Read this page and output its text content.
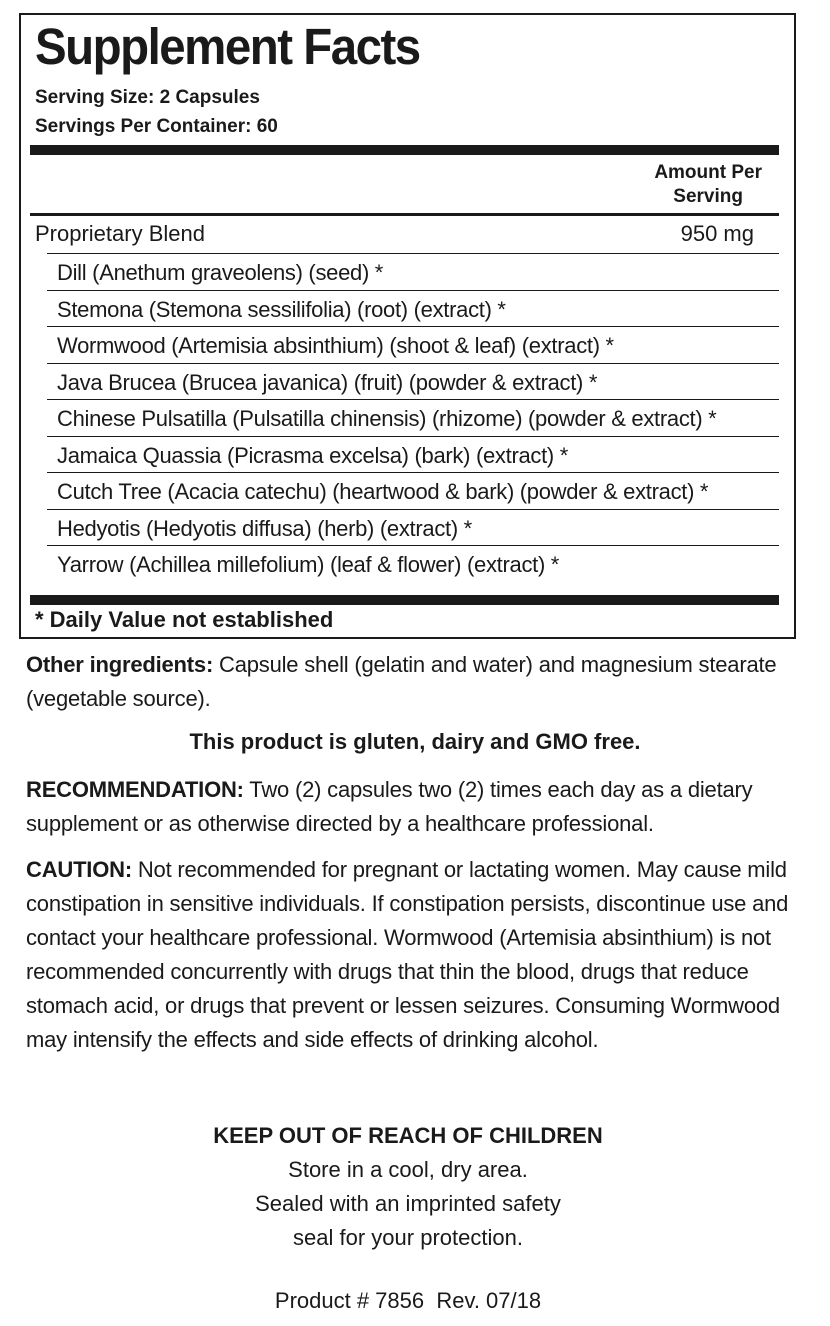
Supplement Facts
Serving Size: 2 Capsules
Servings Per Container: 60
Amount Per
Serving
Proprietary Blend	950 mg
Dill (Anethum graveolens) (seed) *
Stemona (Stemona sessilifolia) (root) (extract) *
Wormwood (Artemisia absinthium) (shoot & leaf) (extract) *
Java Brucea (Brucea javanica) (fruit) (powder & extract) *
Chinese Pulsatilla (Pulsatilla chinensis) (rhizome) (powder & extract) *
Jamaica Quassia (Picrasma excelsa) (bark) (extract) *
Cutch Tree (Acacia catechu) (heartwood & bark) (powder & extract) *
Hedyotis (Hedyotis diffusa) (herb) (extract) *
Yarrow (Achillea millefolium) (leaf & flower) (extract) *
* Daily Value not established

Other ingredients: Capsule shell (gelatin and water) and magnesium stearate (vegetable source).

This product is gluten, dairy and GMO free.

RECOMMENDATION: Two (2) capsules two (2) times each day as a dietary supplement or as otherwise directed by a healthcare professional.

CAUTION: Not recommended for pregnant or lactating women. May cause mild constipation in sensitive individuals. If constipation persists, discontinue use and contact your healthcare professional. Wormwood (Artemisia absinthium) is not recommended concurrently with drugs that thin the blood, drugs that reduce stomach acid, or drugs that prevent or lessen seizures. Consuming Wormwood may intensify the effects and side effects of drinking alcohol.

KEEP OUT OF REACH OF CHILDREN
Store in a cool, dry area.
Sealed with an imprinted safety
seal for your protection.
Product # 7856  Rev. 07/18
